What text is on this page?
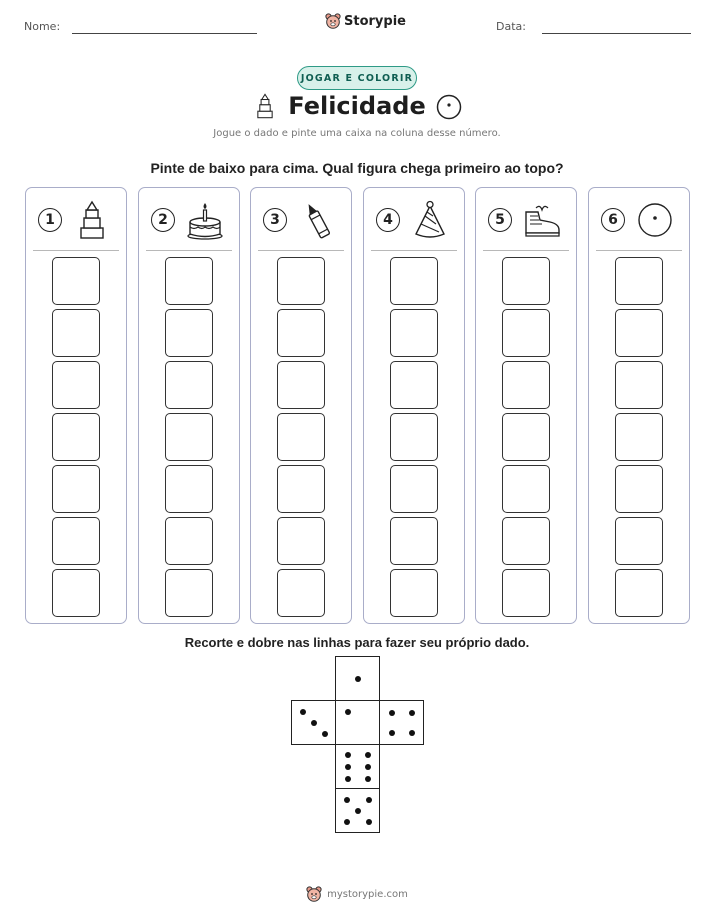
Nome:	Storypie	Data:
JOGAR E COLORIR
Felicidade
Jogue o dado e pinte uma caixa na coluna desse número.
Pinte de baixo para cima. Qual figura chega primeiro ao topo?
1	2	3	4	5	6
Recorte e dobre nas linhas para fazer seu próprio dado.
mystorypie.com
